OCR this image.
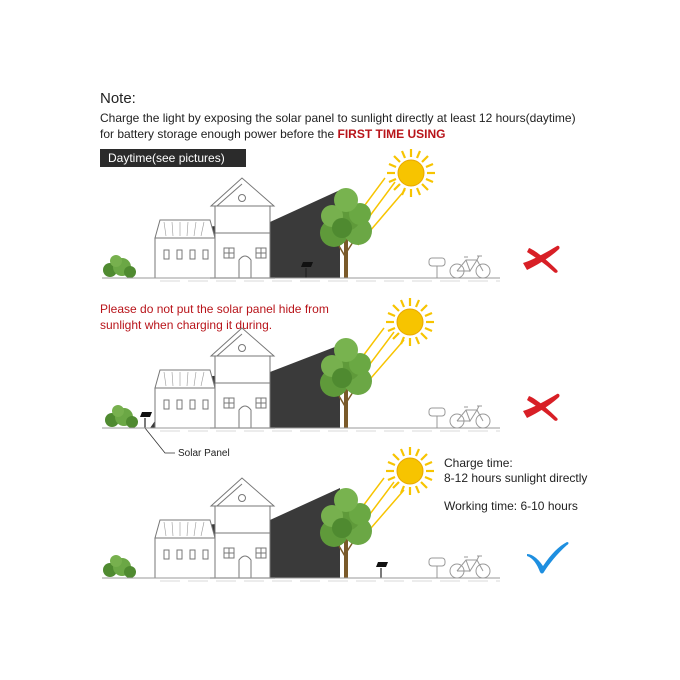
Note:
Charge the light by exposing the solar panel to sunlight directly at least 12 hours(daytime)
for battery storage enough power before the FIRST TIME USING
Daytime(see pictures)
Please do not put the solar panel hide from
sunlight when charging it during.
Solar Panel
Charge time:
8-12 hours sunlight directly
Working time: 6-10 hours
